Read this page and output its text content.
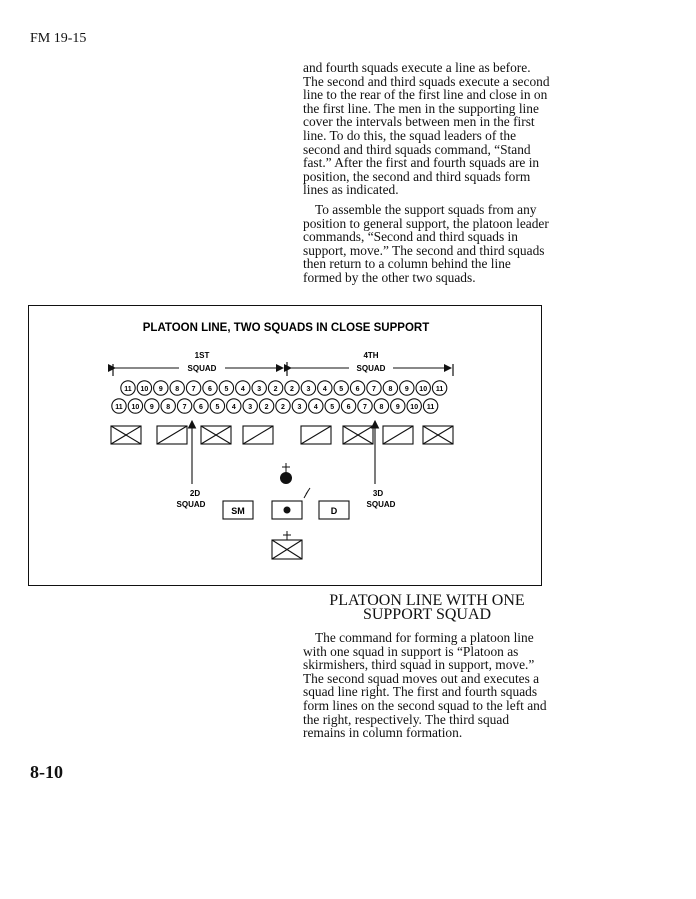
FM 19-15

and fourth squads execute a line as before. The second and third squads execute a second line to the rear of the first line and close in on the first line. The men in the supporting line cover the intervals between men in the first line. To do this, the squad leaders of the second and third squads command, “Stand fast.” After the first and fourth squads are in position, the second and third squads form lines as indicated.

To assemble the support squads from any position to general support, the platoon leader commands, “Second and third squads in support, move.” The second and third squads then return to a column behind the line formed by the other two squads.

PLATOON LINE, TWO SQUADS IN CLOSE SUPPORT
1ST
SQUAD
4TH
SQUAD
11 10 9 8 7 6 5 4 3 2 2 3 4 5 6 7 8 9 10 11
11 10 9 8 7 6 5 4 3 2 2 3 4 5 6 7 8 9 10 11
2D
SQUAD
3D
SQUAD
SM	D
PLATOON LINE WITH ONE
SUPPORT SQUAD

The command for forming a platoon line with one squad in support is “Platoon as skirmishers, third squad in support, move.” The second squad moves out and executes a squad line right. The first and fourth squads form lines on the second squad to the left and the right, respectively. The third squad remains in column formation.

8-10
